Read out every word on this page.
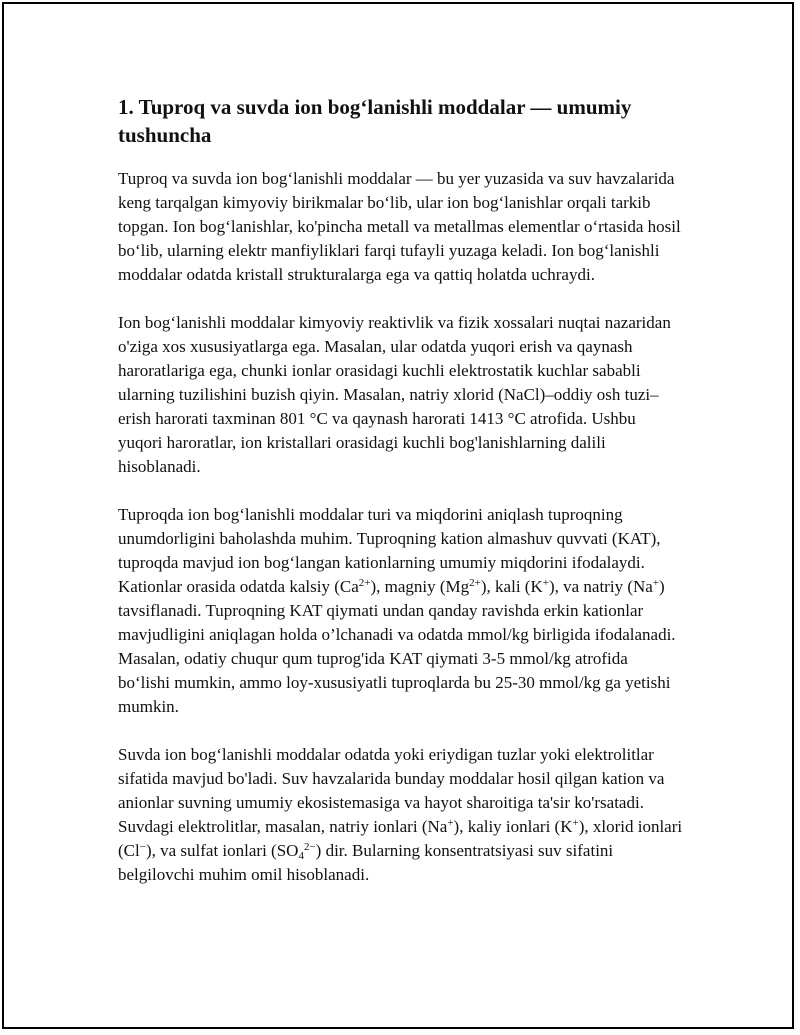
1. Tuproq va suvda ion bog‘lanishli moddalar — umumiy tushuncha

Tuproq va suvda ion bog‘lanishli moddalar — bu yer yuzasida va suv havzalarida keng tarqalgan kimyoviy birikmalar bo‘lib, ular ion bog‘lanishlar orqali tarkib topgan. Ion bog‘lanishlar, ko'pincha metall va metallmas elementlar o‘rtasida hosil bo‘lib, ularning elektr manfiyliklari farqi tufayli yuzaga keladi. Ion bog‘lanishli moddalar odatda kristall strukturalarga ega va qattiq holatda uchraydi.

Ion bog‘lanishli moddalar kimyoviy reaktivlik va fizik xossalari nuqtai nazaridan o'ziga xos xususiyatlarga ega. Masalan, ular odatda yuqori erish va qaynash haroratlariga ega, chunki ionlar orasidagi kuchli elektrostatik kuchlar sababli ularning tuzilishini buzish qiyin. Masalan, natriy xlorid (NaCl)–oddiy osh tuzi–erish harorati taxminan 801 °C va qaynash harorati 1413 °C atrofida. Ushbu yuqori haroratlar, ion kristallari orasidagi kuchli bog'lanishlarning dalili hisoblanadi.

Tuproqda ion bog‘lanishli moddalar turi va miqdorini aniqlash tuproqning unumdorligini baholashda muhim. Tuproqning kation almashuv quvvati (KAT), tuproqda mavjud ion bog‘langan kationlarning umumiy miqdorini ifodalaydi. Kationlar orasida odatda kalsiy $(Ca^{2+})$, magniy $(Mg^{2+})$, kali (K+), va natriy (Na+) tavsiflanadi. Tuproqning KAT qiymati undan qanday ravishda erkin kationlar mavjudligini aniqlagan holda o’lchanadi va odatda mmol/kg birligida ifodalanadi. Masalan, odatiy chuqur qum tuprog'ida KAT qiymati 3-5 mmol/kg atrofida bo‘lishi mumkin, ammo loy-xususiyatli tuproqlarda bu 25-30 mmol/kg ga yetishi mumkin.

Suvda ion bog‘lanishli moddalar odatda yoki eriydigan tuzlar yoki elektrolitlar sifatida mavjud bo'ladi. Suv havzalarida bunday moddalar hosil qilgan kation va anionlar suvning umumiy ekosistemasiga va hayot sharoitiga ta'sir ko'rsatadi. Suvdagi elektrolitlar, masalan, natriy ionlari (Na+), kaliy ionlari (K+), xlorid ionlari (Cl−), va sulfat ionlari $(SO_4^{2-})$ dir. Bularning konsentratsiyasi suv sifatini belgilovchi muhim omil hisoblanadi.
